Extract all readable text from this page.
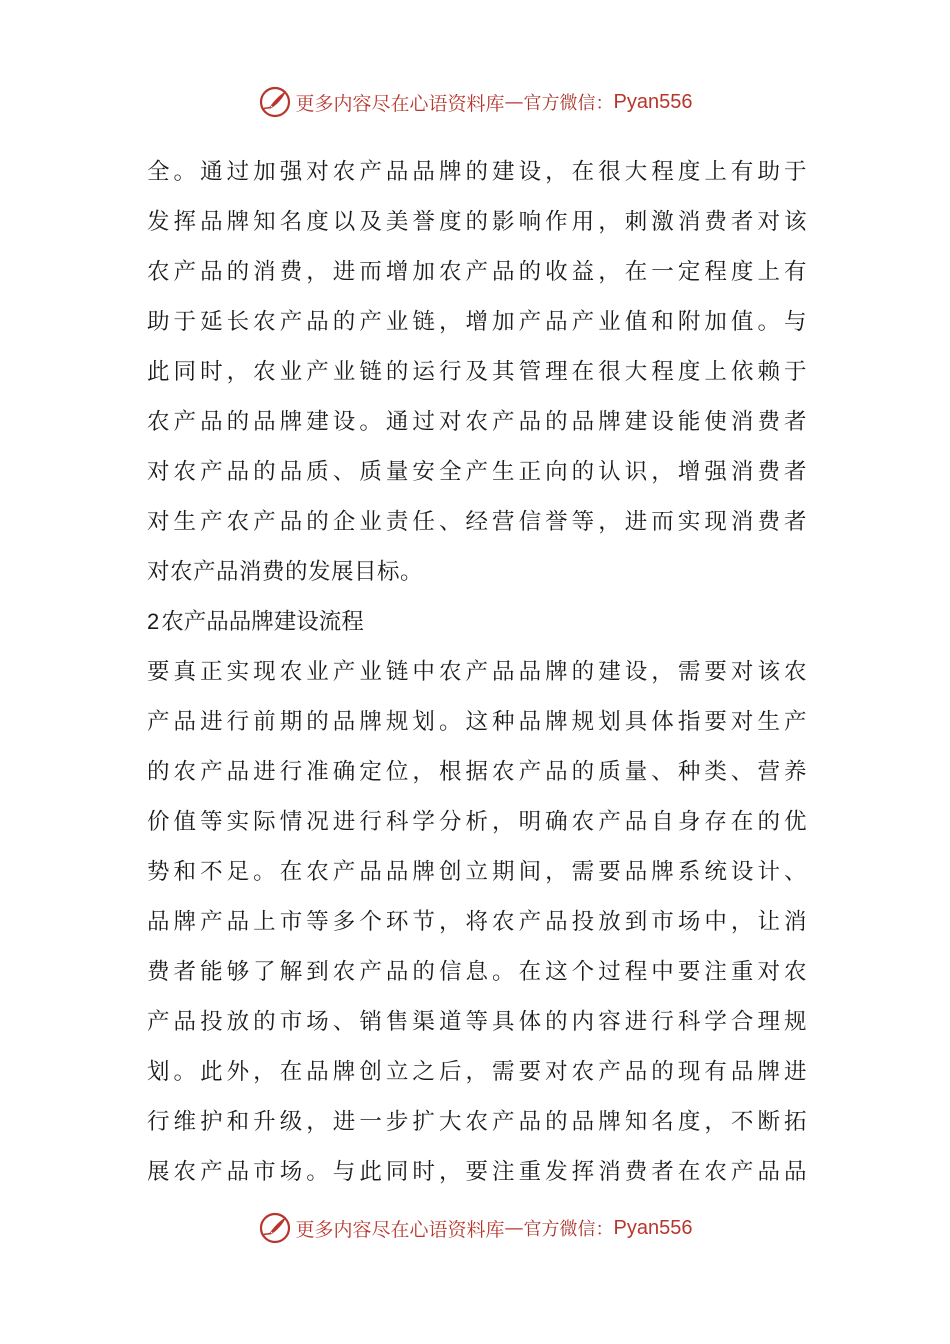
更多内容尽在心语资料库 — 官方微信： Pyan556
全。通过加强对农产品品牌的建设，在很大程度上有助于
发挥品牌知名度以及美誉度的影响作用，刺激消费者对该
农产品的消费，进而增加农产品的收益，在一定程度上有
助于延长农产品的产业链，增加产品产业值和附加值。与
此同时，农业产业链的运行及其管理在很大程度上依赖于
农产品的品牌建设。通过对农产品的品牌建设能使消费者
对农产品的品质、质量安全产生正向的认识，增强消费者
对生产农产品的企业责任、经营信誉等，进而实现消费者
对农产品消费的发展目标。
2农产品品牌建设流程
要真正实现农业产业链中农产品品牌的建设，需要对该农
产品进行前期的品牌规划。这种品牌规划具体指要对生产
的农产品进行准确定位，根据农产品的质量、种类、营养
价值等实际情况进行科学分析，明确农产品自身存在的优
势和不足。在农产品品牌创立期间，需要品牌系统设计、
品牌产品上市等多个环节，将农产品投放到市场中，让消
费者能够了解到农产品的信息。在这个过程中要注重对农
产品投放的市场、销售渠道等具体的内容进行科学合理规
划。此外，在品牌创立之后，需要对农产品的现有品牌进
行维护和升级，进一步扩大农产品的品牌知名度，不断拓
展农产品市场。与此同时，要注重发挥消费者在农产品品
更多内容尽在心语资料库 — 官方微信： Pyan556
